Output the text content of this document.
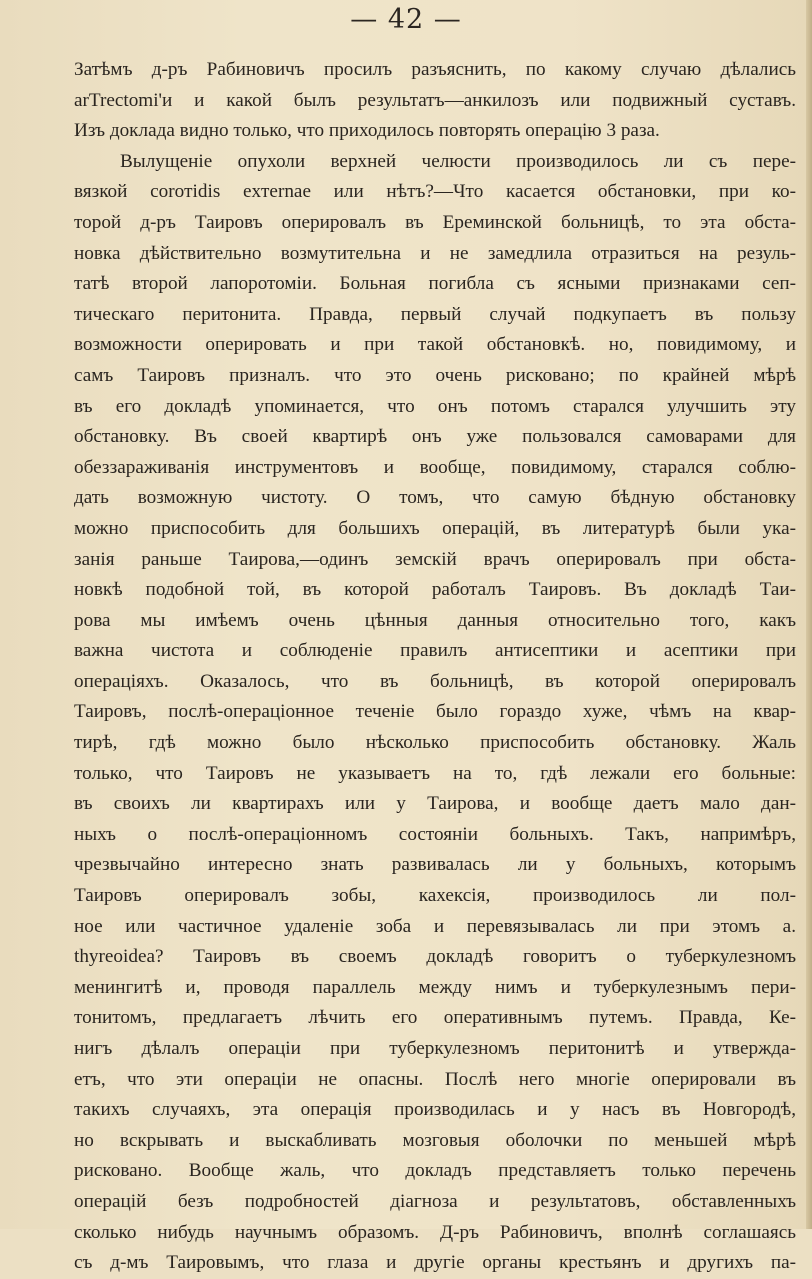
— 42 —
Затѣмъ д-ръ Рабиновичъ просилъ разъяснить, по какому случаю дѣлались
arTrectomi'и и какой былъ результатъ—анкилозъ или подвижный суставъ.
Изъ доклада видно только, что приходилось повторять операцію 3 раза.
Вылущеніе опухоли верхней челюсти производилось ли съ пере-
вязкой coroтidis exтernae или нѣтъ?—Что касается обстановки, при ко-
торой д-ръ Таировъ оперировалъ въ Ереминской больницѣ, то эта обста-
новка дѣйствительно возмутительна и не замедлила отразиться на резуль-
татѣ второй лапоротоміи. Больная погибла съ ясными признаками сеп-
тическаго перитонита. Правда, первый случай подкупаетъ въ пользу
возможности оперировать и при такой обстановкѣ. но, повидимому, и
самъ Таировъ призналъ. что это очень рисковано; по крайней мѣрѣ
въ его докладѣ упоминается, что онъ потомъ старался улучшить эту
обстановку. Въ своей квартирѣ онъ уже пользовался самоварами для
обеззараживанія инструментовъ и вообще, повидимому, старался соблю-
дать возможную чистоту. О томъ, что самую бѣдную обстановку
можно приспособить для большихъ операцій, въ литературѣ были ука-
занія раньше Таирова,—одинъ земскій врачъ оперировалъ при обста-
новкѣ подобной той, въ которой работалъ Таировъ. Въ докладѣ Таи-
рова мы имѣемъ очень цѣнныя данныя относительно того, какъ
важна чистота и соблюденіе правилъ антисептики и асептики при
операціяхъ. Оказалось, что въ больницѣ, въ которой оперировалъ
Таировъ, послѣ-операціонное теченіе было гораздо хуже, чѣмъ на квар-
тирѣ, гдѣ можно было нѣсколько приспособить обстановку. Жаль
только, что Таировъ не указываетъ на то, гдѣ лежали его больные:
въ своихъ ли квартирахъ или у Таирова, и вообще даетъ мало дан-
ныхъ о послѣ-операціонномъ состояніи больныхъ. Такъ, напримѣръ,
чрезвычайно интересно знать развивалась ли у больныхъ, которымъ
Таировъ оперировалъ зобы, кахексія, производилось ли пол-
ное или частичное удаленіе зоба и перевязывалась ли при этомъ а.
thyreoidea? Таировъ въ своемъ докладѣ говоритъ о туберкулезномъ
менингитѣ и, проводя параллель между нимъ и туберкулезнымъ пери-
тонитомъ, предлагаетъ лѣчить его оперативнымъ путемъ. Правда, Ке-
нигъ дѣлалъ операціи при туберкулезномъ перитонитѣ и утвержда-
етъ, что эти операціи не опасны. Послѣ него многіе оперировали въ
такихъ случаяхъ, эта операція производилась и у насъ въ Новгородѣ,
но вскрывать и выскабливать мозговыя оболочки по меньшей мѣрѣ
рисковано. Вообще жаль, что докладъ представляетъ только перечень
операцій безъ подробностей діагноза и результатовъ, обставленныхъ
сколько нибудь научнымъ образомъ. Д-ръ Рабиновичъ, вполнѣ соглашаясь
съ д-мъ Таировымъ, что глаза и другіе органы крестьянъ и другихъ па-
